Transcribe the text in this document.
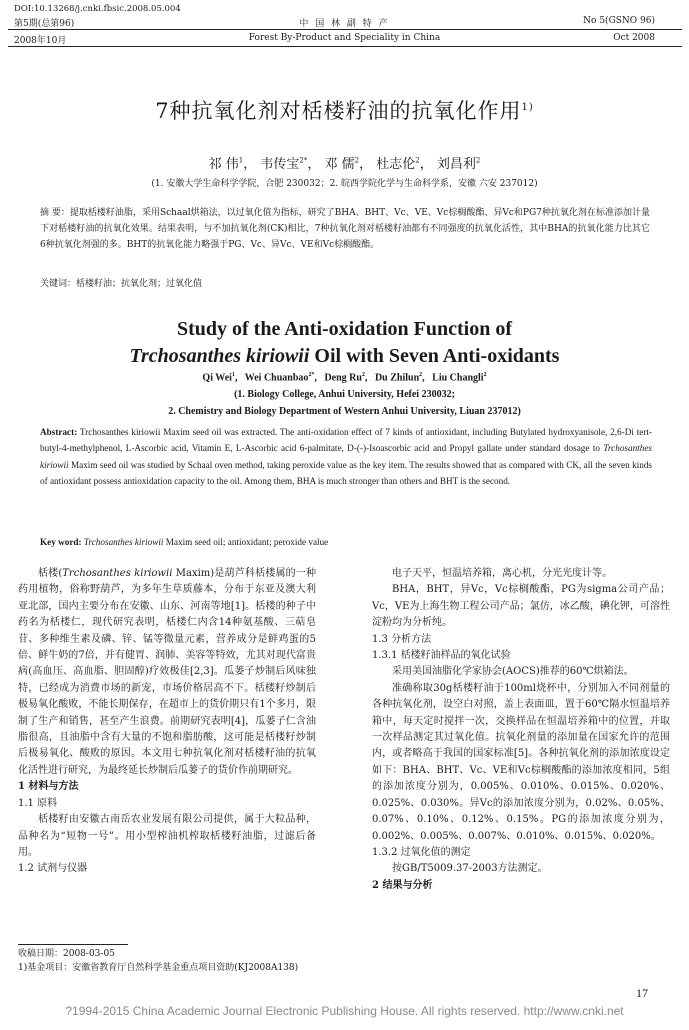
DOI:10.13268/j.cnki.fbsic.2008.05.004
第5期(总第96)	中 国 林 副 特 产	No 5(GSNO 96)
2008年10月	Forest By-Product and Speciality in China	Oct 2008
7种抗氧化剂对栝楼籽油的抗氧化作用$^{1)}$
祁 伟$^1$， 韦传宝$^{2*}$， 邓 儒$^2$， 杜志伦$^2$， 刘昌利$^2$
(1. 安徽大学生命科学学院，合肥 230032；2. 皖西学院化学与生命科学系，安徽 六安 237012)
摘 要：提取栝楼籽油脂，采用Schaal烘箱法，以过氧化值为指标，研究了BHA、BHT、Vc、VE、Vc棕榈酸酯、异Vc和PG7种抗氧化剂在标准添加计量下对栝楼籽油的抗氧化效果。结果表明，与不加抗氧化剂(CK)相比，7种抗氧化剂对栝楼籽油都有不同强度的抗氧化活性，其中BHA的抗氧化能力比其它6种抗氧化剂强的多。BHT的抗氧化能力略强于PG、Vc、异Vc、VE和Vc棕榈酸酯。
关键词：栝楼籽油；抗氧化剂；过氧化值
Study of the Anti-oxidation Function of
Trchosanthes kiriowii Oil with Seven Anti-oxidants
Qi Wei$^1$,   Wei Chuanbao$^{2*}$,   Deng Ru$^2$,   Du Zhilun$^2$,   Liu Changli$^2$
(1. Biology College, Anhui University, Hefei 230032;
2. Chemistry and Biology Department of Western Anhui University, Liuan 237012)
Abstract: Trchosanthes kiriowii Maxim seed oil was extracted. The anti-oxidation effect of 7 kinds of antioxidant, including Butylated hydroxyanisole, 2,6-Di tert-butyl-4-methylphenol, L-Ascorbic acid, Vitamin E, L-Ascorbic acid 6-palmitate, D-(-)-Isoascorbic acid and Propyl gallate under standard dosage to Trchosanthes kiriowii Maxim seed oil was studied by Schaal oven method, taking peroxide value as the key item. The results showed that as compared with CK, all the seven kinds of antioxidant possess antioxidation capacity to the oil. Among them, BHA is much stronger than others and BHT is the second.
Key word: Trchosanthes kiriowii Maxim seed oil; antioxidant; peroxide value

栝楼(Trchosanthes kiriowii Maxim)是葫芦科栝楼属的一种药用植物，俗称野葫芦，为多年生草质藤本，分布于东亚及澳大利亚北部，国内主要分布在安徽、山东、河南等地[1]。栝楼的种子中药名为栝楼仁，现代研究表明，栝楼仁内含14种氨基酸、三萜皂苷、多种维生素及磷、锌、锰等微量元素，营养成分是鲜鸡蛋的5倍、鲜牛奶的7倍，并有健胃、润肺、美容等特效，尤其对现代富贵病(高血压、高血脂、胆固醇)疗效极佳[2,3]。瓜蒌子炒制后风味独特，已经成为消费市场的新宠，市场价格居高不下。栝楼籽炒制后极易氧化酸败，不能长期保存，在超市上的货价期只有1个多月，限制了生产和销售，甚至产生浪费。前期研究表明[4]，瓜蒌子仁含油脂很高，且油脂中含有大量的不饱和脂肪酸，这可能是栝楼籽炒制后极易氧化、酸败的原因。本文用七种抗氧化剂对栝楼籽油的抗氧化活性进行研究，为最终延长炒制后瓜蒌子的货价作前期研究。

1 材料与方法

1.1 原料

栝楼籽由安徽古南岳农业发展有限公司提供，属于大粒品种，品种名为“短物一号”。用小型榨油机榨取栝楼籽油脂，过滤后备用。

1.2 试剂与仪器

电子天平，恒温培养箱，离心机，分光光度计等。

BHA，BHT，异Vc，Vc棕榈酸酯，PG为sigma公司产品；Vc，VE为上海生物工程公司产品；氯仿，冰乙酸，碘化钾，可溶性淀粉均为分析纯。

1.3 分析方法

1.3.1 栝楼籽油样品的氧化试验

采用美国油脂化学家协会(AOCS)推荐的60℃烘箱法。

准确称取30g栝楼籽油于100ml烧杯中，分别加入不同剂量的各种抗氧化剂，设空白对照，盖上表面皿，置于60℃隔水恒温培养箱中，每天定时搅拌一次，交换样品在恒温培养箱中的位置，并取一次样品测定其过氧化值。抗氧化剂量的添加量在国家允许的范围内，或者略高于我国的国家标准[5]。各种抗氧化剂的添加浓度设定如下：BHA、BHT、Vc、VE和Vc棕榈酸酯的添加浓度相同，5组的添加浓度分别为，0.005%、0.010%、0.015%、0.020%、0.025%、0.030%。异Vc的添加浓度分别为，0.02%、0.05%、0.07%、0.10%、0.12%、0.15%。PG的添加浓度分别为，0.002%、0.005%、0.007%、0.010%、0.015%、0.020%。

1.3.2 过氧化值的测定

按GB/T5009.37-2003方法测定。

2 结果与分析

收稿日期：2008-03-05
1)基金项目：安徽省教育厅自然科学基金重点项目资助(KJ2008A138)
17
?1994-2015 China Academic Journal Electronic Publishing House. All rights reserved. http://www.cnki.net
